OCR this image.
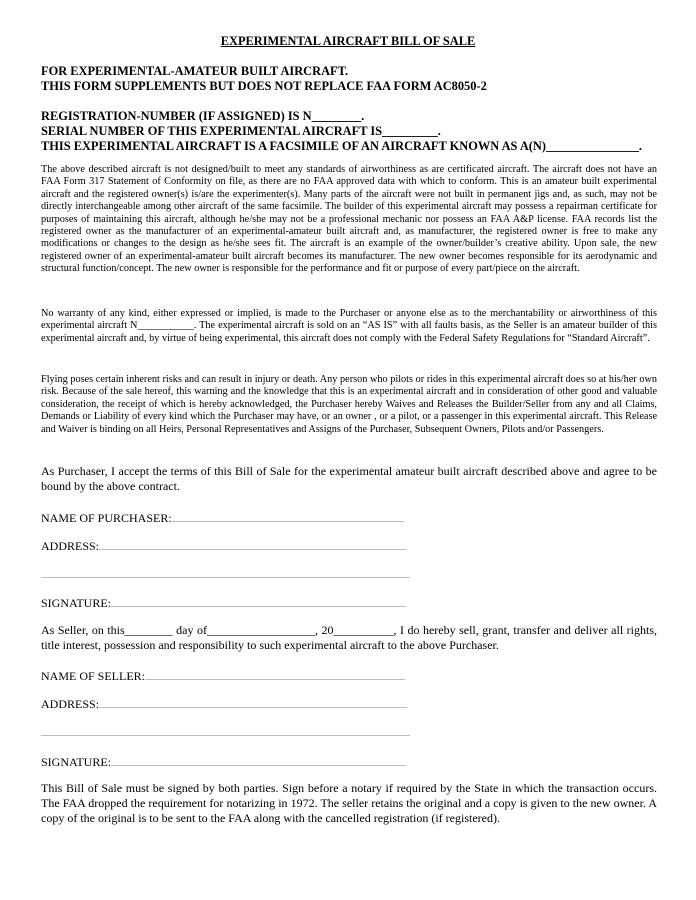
EXPERIMENTAL AIRCRAFT BILL OF SALE
FOR EXPERIMENTAL-AMATEUR BUILT AIRCRAFT.
THIS FORM SUPPLEMENTS BUT DOES NOT REPLACE FAA FORM AC8050-2
REGISTRATION-NUMBER (IF ASSIGNED) IS N________.
SERIAL NUMBER OF THIS EXPERIMENTAL AIRCRAFT IS_________.
THIS EXPERIMENTAL AIRCRAFT IS A FACSIMILE OF AN AIRCRAFT KNOWN AS A(N)_______________.
The above described aircraft is not designed/built to meet any standards of airworthiness as are certificated aircraft. The aircraft does not have an FAA Form 317 Statement of Conformity on file, as there are no FAA approved data with which to conform. This is an amateur built experimental aircraft and the registered owner(s) is/are the experimenter(s). Many parts of the aircraft were not built in permanent jigs and, as such, may not be directly interchangeable among other aircraft of the same facsimile. The builder of this experimental aircraft may possess a repairman certificate for purposes of maintaining this aircraft, although he/she may not be a professional mechanic nor possess an FAA A&P license. FAA records list the registered owner as the manufacturer of an experimental-amateur built aircraft and, as manufacturer, the registered owner is free to make any modifications or changes to the design as he/she sees fit. The aircraft is an example of the owner/builder’s creative ability. Upon sale, the new registered owner of an experimental-amateur built aircraft becomes its manufacturer. The new owner becomes responsible for its aerodynamic and structural function/concept. The new owner is responsible for the performance and fit or purpose of every part/piece on the aircraft.
No warranty of any kind, either expressed or implied, is made to the Purchaser or anyone else as to the merchantability or airworthiness of this experimental aircraft N___________. The experimental aircraft is sold on an “AS IS” with all faults basis, as the Seller is an amateur builder of this experimental aircraft and, by virtue of being experimental, this aircraft does not comply with the Federal Safety Regulations for “Standard Aircraft”.
Flying poses certain inherent risks and can result in injury or death. Any person who pilots or rides in this experimental aircraft does so at his/her own risk. Because of the sale hereof, this warning and the knowledge that this is an experimental aircraft and in consideration of other good and valuable consideration, the receipt of which is hereby acknowledged, the Purchaser hereby Waives and Releases the Builder/Seller from any and all Claims, Demands or Liability of every kind which the Purchaser may have, or an owner , or a pilot, or a passenger in this experimental aircraft. This Release and Waiver is binding on all Heirs, Personal Representatives and Assigns of the Purchaser, Subsequent Owners, Pilots and/or Passengers.
As Purchaser, I accept the terms of this Bill of Sale for the experimental amateur built aircraft described above and agree to be bound by the above contract.
NAME OF PURCHASER:
ADDRESS:
SIGNATURE:
As Seller, on this________ day of__________________, 20__________, I do hereby sell, grant, transfer and deliver all rights, title interest, possession and responsibility to such experimental aircraft to the above Purchaser.
NAME OF SELLER:
ADDRESS:
SIGNATURE:
This Bill of Sale must be signed by both parties. Sign before a notary if required by the State in which the transaction occurs. The FAA dropped the requirement for notarizing in 1972. The seller retains the original and a copy is given to the new owner. A copy of the original is to be sent to the FAA along with the cancelled registration (if registered).
